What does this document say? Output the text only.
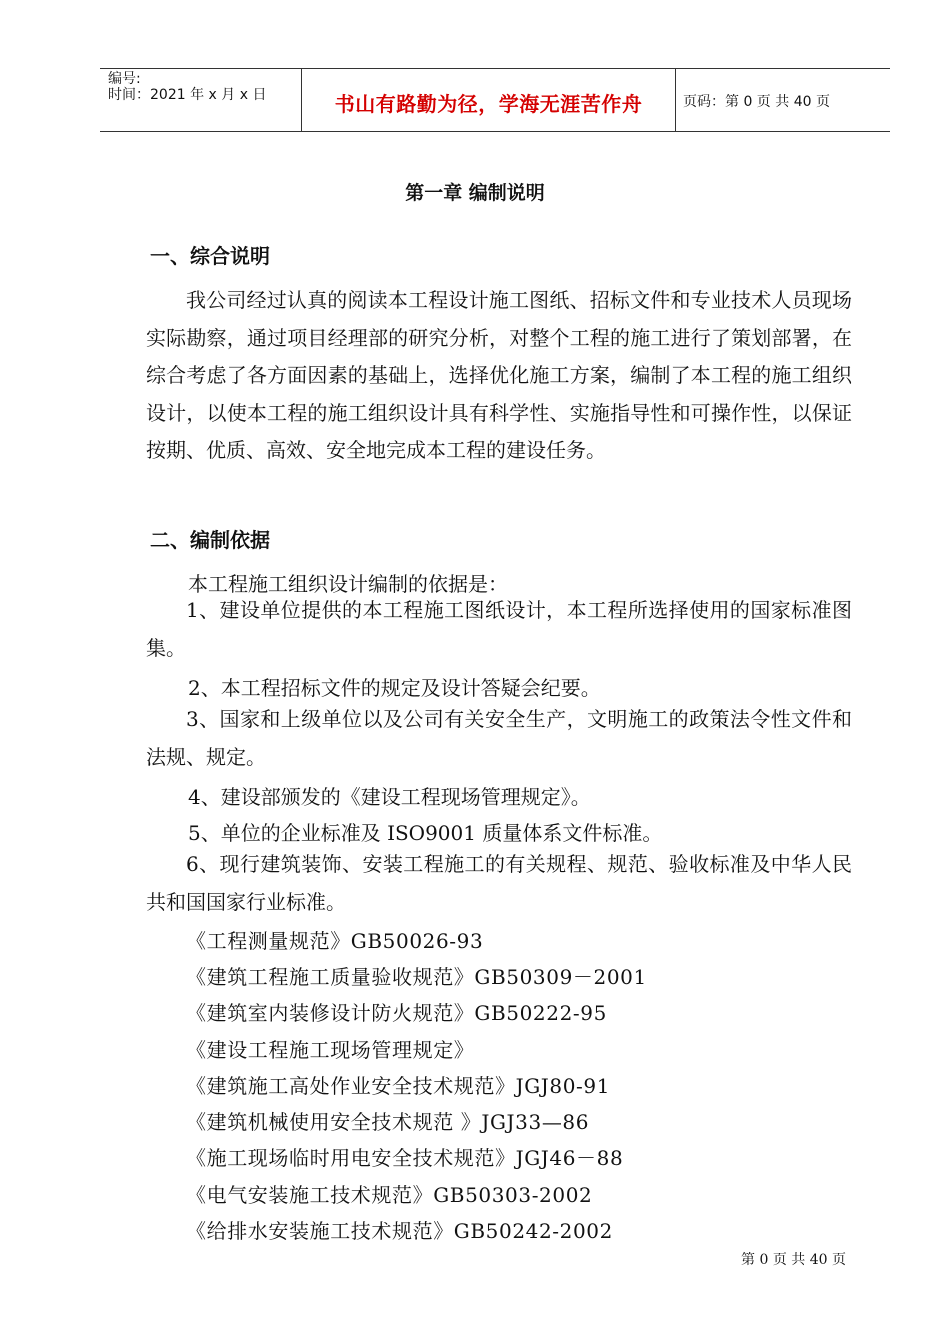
编号:
时间：2021 年 x 月 x 日	书山有路勤为径，学海无涯苦作舟	页码：第 0 页 共 40 页
第一章 编制说明
一、综合说明
我公司经过认真的阅读本工程设计施工图纸、招标文件和专业技术人员现场实际勘察，通过项目经理部的研究分析，对整个工程的施工进行了策划部署，在综合考虑了各方面因素的基础上，选择优化施工方案，编制了本工程的施工组织设计，以使本工程的施工组织设计具有科学性、实施指导性和可操作性，以保证按期、优质、高效、安全地完成本工程的建设任务。
二、编制依据
本工程施工组织设计编制的依据是：
1、建设单位提供的本工程施工图纸设计，本工程所选择使用的国家标准图集。
2、本工程招标文件的规定及设计答疑会纪要。
3、国家和上级单位以及公司有关安全生产，文明施工的政策法令性文件和法规、规定。
4、建设部颁发的《建设工程现场管理规定》。
5、单位的企业标准及 ISO9001 质量体系文件标准。
6、现行建筑装饰、安装工程施工的有关规程、规范、验收标准及中华人民共和国国家行业标准。
《工程测量规范》GB50026-93
《建筑工程施工质量验收规范》GB50309－2001
《建筑室内装修设计防火规范》GB50222-95
《建设工程施工现场管理规定》
《建筑施工高处作业安全技术规范》JGJ80-91
《建筑机械使用安全技术规范 》JGJ33—86
《施工现场临时用电安全技术规范》JGJ46－88
《电气安装施工技术规范》GB50303-2002
《给排水安装施工技术规范》GB50242-2002
第 0 页 共 40 页
